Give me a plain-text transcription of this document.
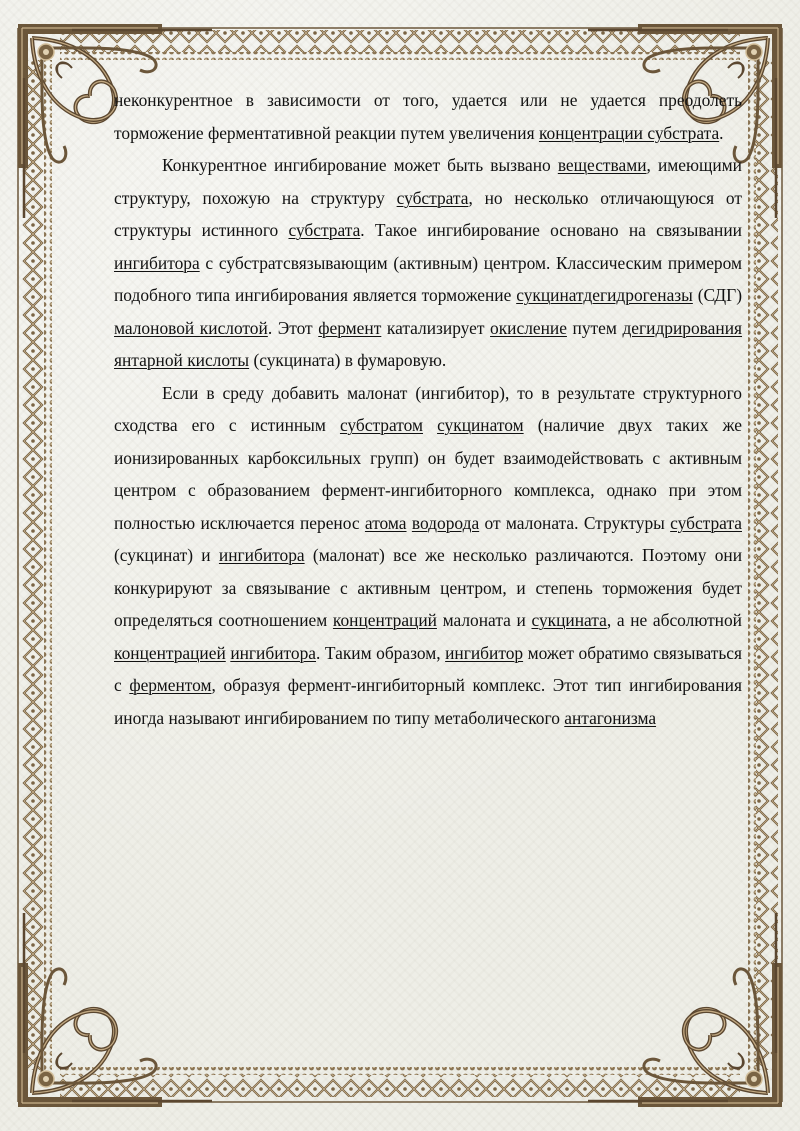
неконкурентное в зависимости от того, удается или не удается преодолеть торможение ферментативной реакции путем увеличения концентрации субстрата.

Конкурентное ингибирование может быть вызвано веществами, имеющими структуру, похожую на структуру субстрата, но несколько отличающуюся от структуры истинного субстрата. Такое ингибирование основано на связывании ингибитора с субстратсвязывающим (активным) центром. Классическим примером подобного типа ингибирования является торможение сукцинатдегидрогеназы (СДГ) малоновой кислотой. Этот фермент катализирует окисление путем дегидрирования янтарной кислоты (сукцината) в фумаровую.

Если в среду добавить малонат (ингибитор), то в результате структурного сходства его с истинным субстратом сукцинатом (наличие двух таких же ионизированных карбоксильных групп) он будет взаимодействовать с активным центром с образованием фермент-ингибиторного комплекса, однако при этом полностью исключается перенос атома водорода от малоната. Структуры субстрата (сукцинат) и ингибитора (малонат) все же несколько различаются. Поэтому они конкурируют за связывание с активным центром, и степень торможения будет определяться соотношением концентраций малоната и сукцината, а не абсолютной концентрацией ингибитора. Таким образом, ингибитор может обратимо связываться с ферментом, образуя фермент-ингибиторный комплекс. Этот тип ингибирования иногда называют ингибированием по типу метаболического антагонизма
